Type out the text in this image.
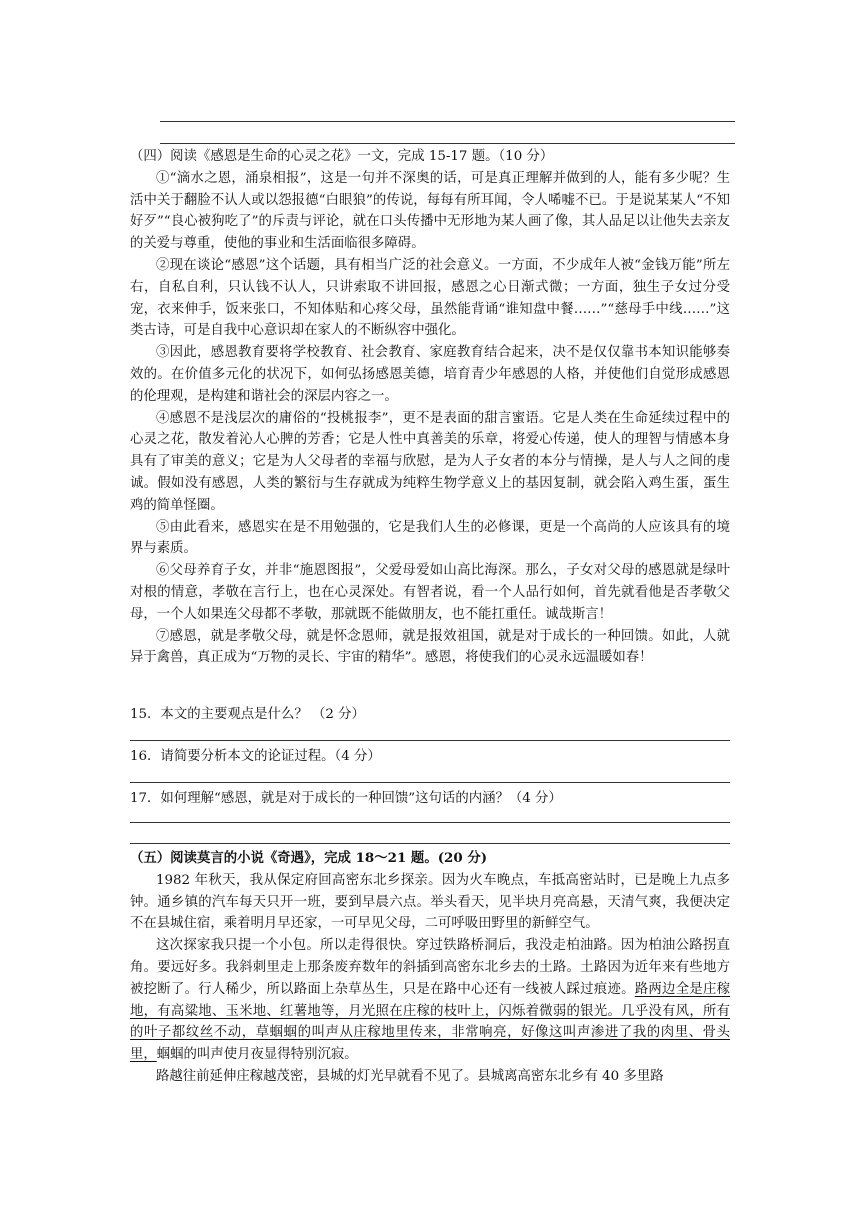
（四）阅读《感恩是生命的心灵之花》一文，完成 15-17 题。（10 分）

①“滴水之恩，涌泉相报”，这是一句并不深奥的话，可是真正理解并做到的人，能有多少呢？生活中关于翻脸不认人或以怨报德“白眼狼”的传说，每每有所耳闻，令人唏嘘不已。于是说某某人“不知好歹”“良心被狗吃了”的斥责与评论，就在口头传播中无形地为某人画了像，其人品足以让他失去亲友的关爱与尊重，使他的事业和生活面临很多障碍。

②现在谈论“感恩”这个话题，具有相当广泛的社会意义。一方面，不少成年人被“金钱万能”所左右，自私自利，只认钱不认人，只讲索取不讲回报，感恩之心日渐式微；一方面，独生子女过分受宠，衣来伸手，饭来张口，不知体贴和心疼父母，虽然能背诵“谁知盘中餐……”“慈母手中线……”这类古诗，可是自我中心意识却在家人的不断纵容中强化。

③因此，感恩教育要将学校教育、社会教育、家庭教育结合起来，决不是仅仅靠书本知识能够奏效的。在价值多元化的状况下，如何弘扬感恩美德，培育青少年感恩的人格，并使他们自觉形成感恩的伦理观，是构建和谐社会的深层内容之一。

④感恩不是浅层次的庸俗的“投桃报李”，更不是表面的甜言蜜语。它是人类在生命延续过程中的心灵之花，散发着沁人心脾的芳香；它是人性中真善美的乐章，将爱心传递，使人的理智与情感本身具有了审美的意义；它是为人父母者的幸福与欣慰，是为人子女者的本分与情操，是人与人之间的虔诚。假如没有感恩，人类的繁衍与生存就成为纯粹生物学意义上的基因复制，就会陷入鸡生蛋，蛋生鸡的简单怪圈。

⑤由此看来，感恩实在是不用勉强的，它是我们人生的必修课，更是一个高尚的人应该具有的境界与素质。

⑥父母养育子女，并非“施恩图报”，父爱母爱如山高比海深。那么，子女对父母的感恩就是绿叶对根的情意，孝敬在言行上，也在心灵深处。有智者说，看一个人品行如何，首先就看他是否孝敬父母，一个人如果连父母都不孝敬，那就既不能做朋友，也不能扛重任。诚哉斯言！

⑦感恩，就是孝敬父母，就是怀念恩师，就是报效祖国，就是对于成长的一种回馈。如此，人就异于禽兽，真正成为“万物的灵长、宇宙的精华”。感恩，将使我们的心灵永远温暖如春！

15．本文的主要观点是什么？ （2 分）

16．请简要分析本文的论证过程。（4 分）

17．如何理解“感恩，就是对于成长的一种回馈”这句话的内涵？（4 分）

（五）阅读莫言的小说《奇遇》，完成 18～21 题。(20 分)

1982 年秋天，我从保定府回高密东北乡探亲。因为火车晚点，车抵高密站时，已是晚上九点多钟。通乡镇的汽车每天只开一班，要到早晨六点。举头看天，见半块月亮高悬，天清气爽，我便决定不在县城住宿，乘着明月早还家，一可早见父母，二可呼吸田野里的新鲜空气。

这次探家我只提一个小包。所以走得很快。穿过铁路桥洞后，我没走柏油路。因为柏油公路拐直角。要远好多。我斜刺里走上那条废弃数年的斜插到高密东北乡去的土路。土路因为近年来有些地方被挖断了。行人稀少，所以路面上杂草丛生，只是在路中心还有一线被人踩过痕迹。路两边全是庄稼地，有高粱地、玉米地、红薯地等，月光照在庄稼的枝叶上，闪烁着微弱的银光。几乎没有风，所有的叶子都纹丝不动，草蝈蝈的叫声从庄稼地里传来，非常响亮，好像这叫声渗进了我的肉里、骨头里，蝈蝈的叫声使月夜显得特别沉寂。

路越往前延伸庄稼越茂密，县城的灯光早就看不见了。县城离高密东北乡有 40 多里路
